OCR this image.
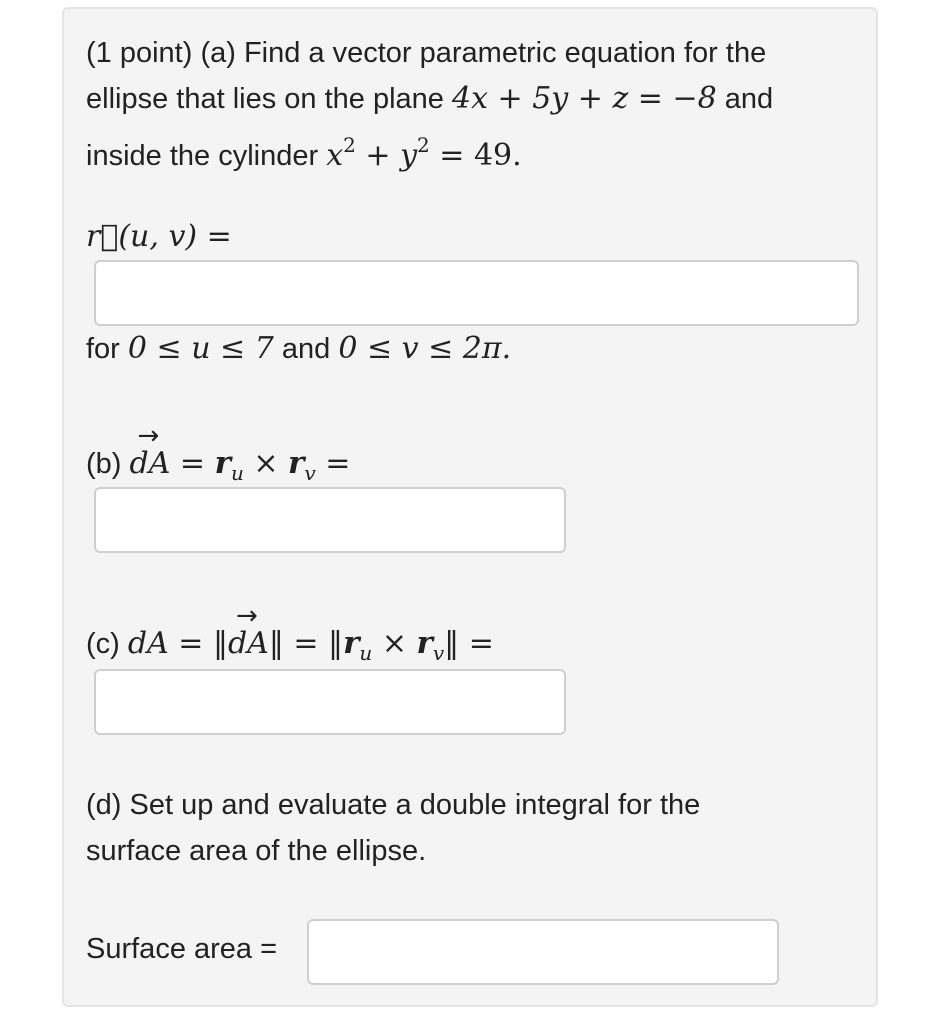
(1 point) (a) Find a vector parametric equation for the
ellipse that lies on the plane 4x + 5y + z = −8 and
inside the cylinder $x^2 + y^2 = 49$.
r⃗(u, v) =
for 0 ≤ u ≤ 7 and 0 ≤ v ≤ 2π.
(b)
→
dA = $r_u \times r_v$ =
(c) dA = ‖
→
dA‖ = $‖r_u$ × $r_v‖$ =
(d) Set up and evaluate a double integral for the
surface area of the ellipse.
Surface area =
